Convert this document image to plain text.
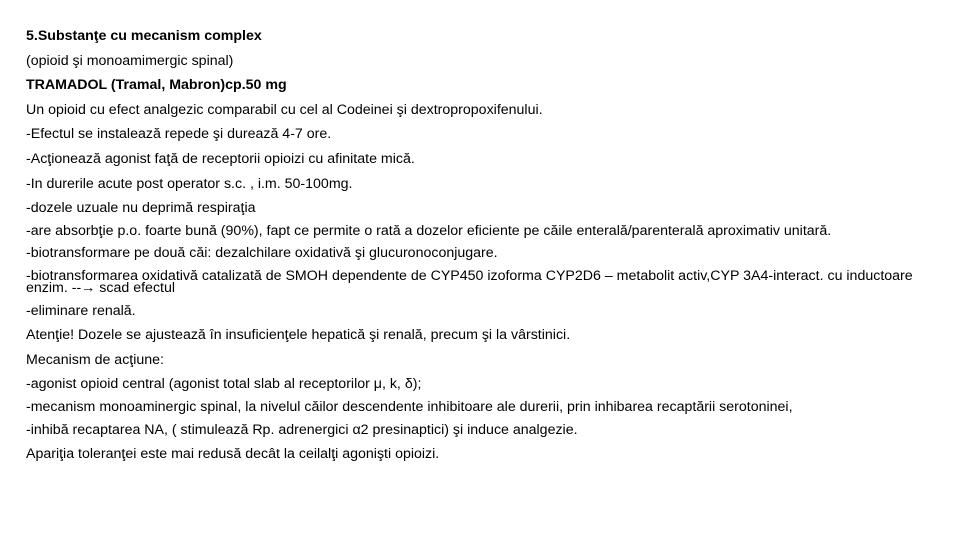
5.Substanţe cu mecanism complex
(opioid şi monoamimergic spinal)
TRAMADOL (Tramal, Mabron)cp.50 mg
Un opioid cu efect analgezic comparabil cu cel al Codeinei şi dextropropoxifenului.
-Efectul se instalează repede şi durează 4-7 ore.
-Acţionează agonist faţă de receptorii opioizi cu afinitate mică.
-In durerile acute post operator s.c. , i.m. 50-100mg.
-dozele uzuale nu deprimă respiraţia
-are absorbţie p.o. foarte bună (90%), fapt ce permite o rată a dozelor eficiente pe căile enterală/parenterală aproximativ unitară.
-biotransformare pe două căi: dezalchilare oxidativă şi glucuronoconjugare.
-biotransformarea oxidativă catalizată de SMOH dependente de CYP450 izoforma CYP2D6 – metabolit activ,CYP 3A4-interact. cu inductoare enzim. --→ scad efectul
-eliminare renală.
Atenţie! Dozele se ajustează în insuficienţele hepatică şi renală, precum şi la vârstinici.
Mecanism de acţiune:
-agonist opioid central (agonist total slab al receptorilor μ, k, δ);
-mecanism monoaminergic spinal, la nivelul căilor descendente inhibitoare ale durerii, prin inhibarea recaptării serotoninei,
-inhibă recaptarea NA, ( stimulează Rp. adrenergici α2 presinaptici) şi induce analgezie.
Apariţia toleranţei este mai redusă decât la ceilalţi agonişti opioizi.
